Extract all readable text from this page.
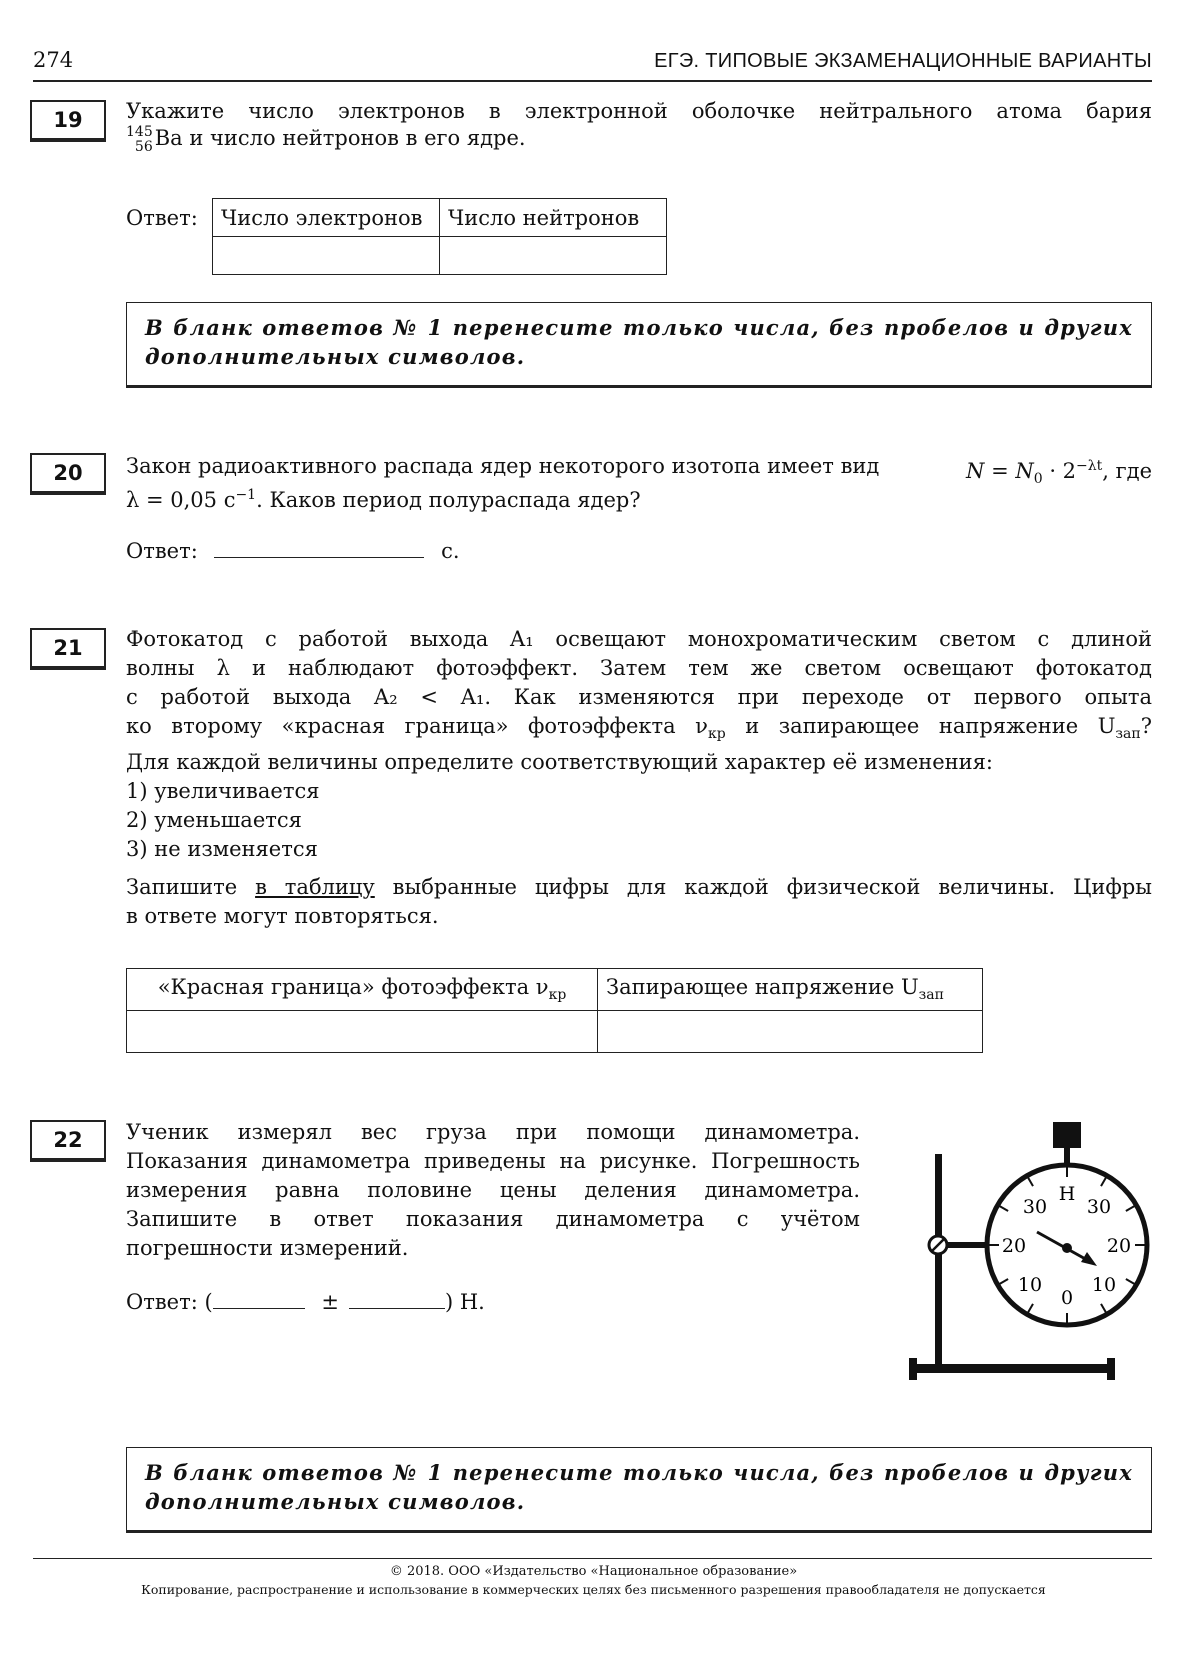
274	ЕГЭ. ТИПОВЫЕ ЭКЗАМЕНАЦИОННЫЕ ВАРИАНТЫ
19	Укажите число электронов в электронной оболочке нейтрального атома бария
145
56 Ba и число нейтронов в его ядре.
Ответ: Число электронов	Число нейтронов

В бланк ответов № 1 перенесите только числа, без пробелов и других
дополнительных символов.
20	Закон радиоактивного распада ядер некоторого изотопа имеет вид	$N = N_0 \cdot 2^{-\lambda t}$, где
λ = 0,05 $с^{-1}$. Каков период полураспада ядер?
Ответ:	с.
21	Фотокатод с работой выхода A₁ освещают монохроматическим светом с длиной
волны λ и наблюдают фотоэффект. Затем тем же светом освещают фотокатод
с работой выхода A₂ < A₁. Как изменяются при переходе от первого опыта
ко второму «красная граница» фотоэффекта $\nu_{кр}$ и запирающее напряжение $U_{зап}$?
Для каждой величины определите соответствующий характер её изменения:
1) увеличивается
2) уменьшается
3) не изменяется
Запишите в таблицу выбранные цифры для каждой физической величины. Цифры
в ответе могут повторяться.
«Красная граница» фотоэффекта $\nu_{кр}$	Запирающее напряжение $U_{зап}$

22	Ученик измерял вес груза при помощи динамометра.
Показания динамометра приведены на рисунке. Погрешность
измерения равна половине цены деления динамометра.
Запишите в ответ показания динамометра с учётом
погрешности измерений.
Ответ: (	±	) Н.
Н
30 30
20	20
10	10
0
В бланк ответов № 1 перенесите только числа, без пробелов и других
дополнительных символов.
© 2018. ООО «Издательство «Национальное образование»
Копирование, распространение и использование в коммерческих целях без письменного разрешения правообладателя не допускается
